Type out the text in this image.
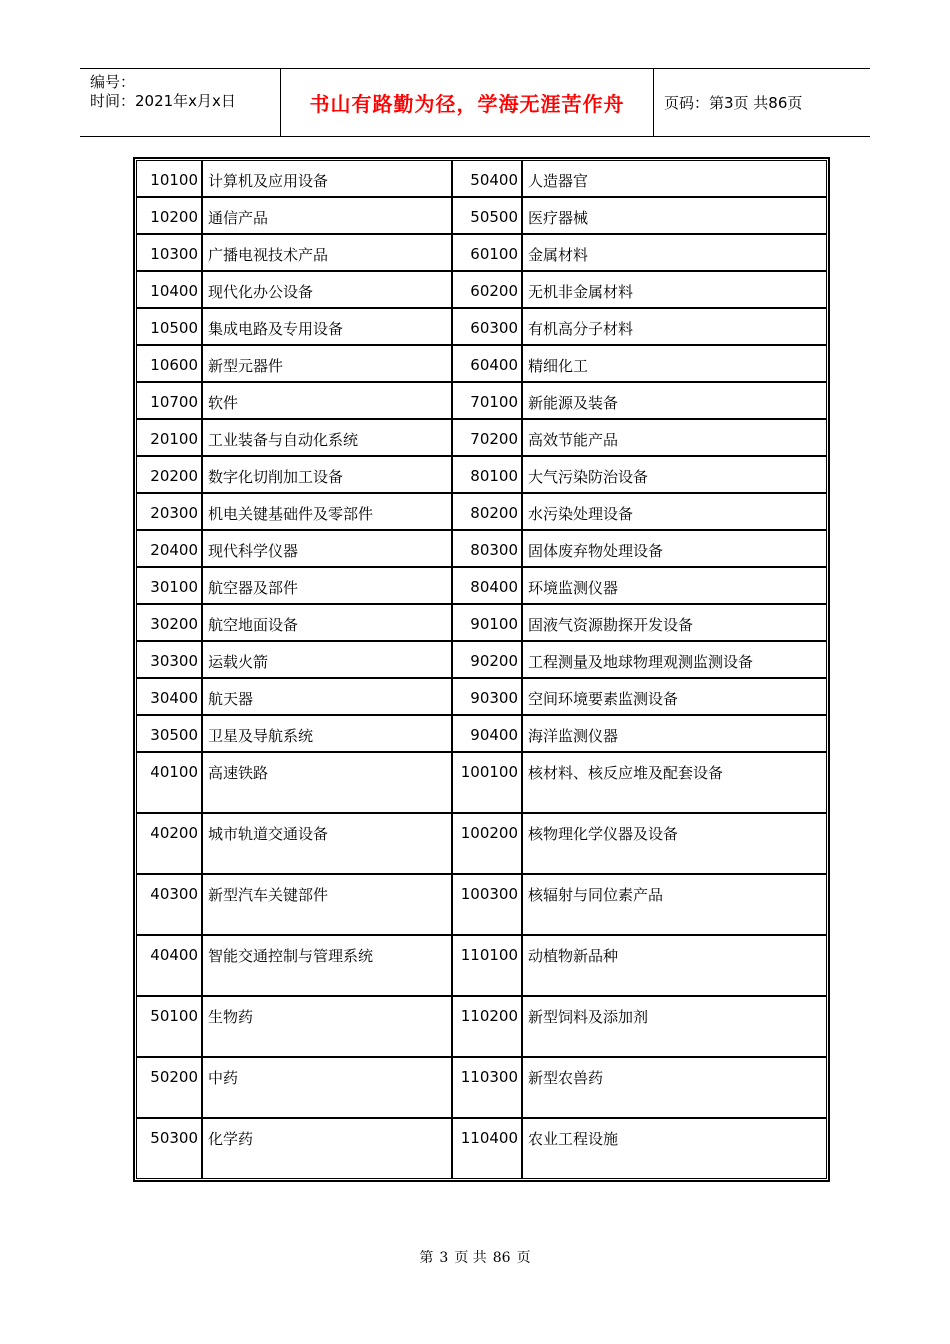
编号：
时间：2021年x月x日	书山有路勤为径，学海无涯苦作舟	页码：第3页 共86页
10100 计算机及应用设备	50400 人造器官
10200 通信产品	50500 医疗器械
10300 广播电视技术产品	60100 金属材料
10400 现代化办公设备	60200 无机非金属材料
10500 集成电路及专用设备	60300 有机高分子材料
10600 新型元器件	60400 精细化工
10700 软件	70100 新能源及装备
20100 工业装备与自动化系统	70200 高效节能产品
20200 数字化切削加工设备	80100 大气污染防治设备
20300 机电关键基础件及零部件	80200 水污染处理设备
20400 现代科学仪器	80300 固体废弃物处理设备
30100 航空器及部件	80400 环境监测仪器
30200 航空地面设备	90100 固液气资源勘探开发设备
30300 运载火箭	90200 工程测量及地球物理观测监测设备
30400 航天器	90300 空间环境要素监测设备
30500 卫星及导航系统	90400 海洋监测仪器
40100 高速铁路	100100 核材料、核反应堆及配套设备
40200 城市轨道交通设备	100200 核物理化学仪器及设备
40300 新型汽车关键部件	100300 核辐射与同位素产品
40400 智能交通控制与管理系统	110100 动植物新品种
50100 生物药	110200 新型饲料及添加剂
50200 中药	110300 新型农兽药
50300 化学药	110400 农业工程设施
第 3 页 共 86 页
